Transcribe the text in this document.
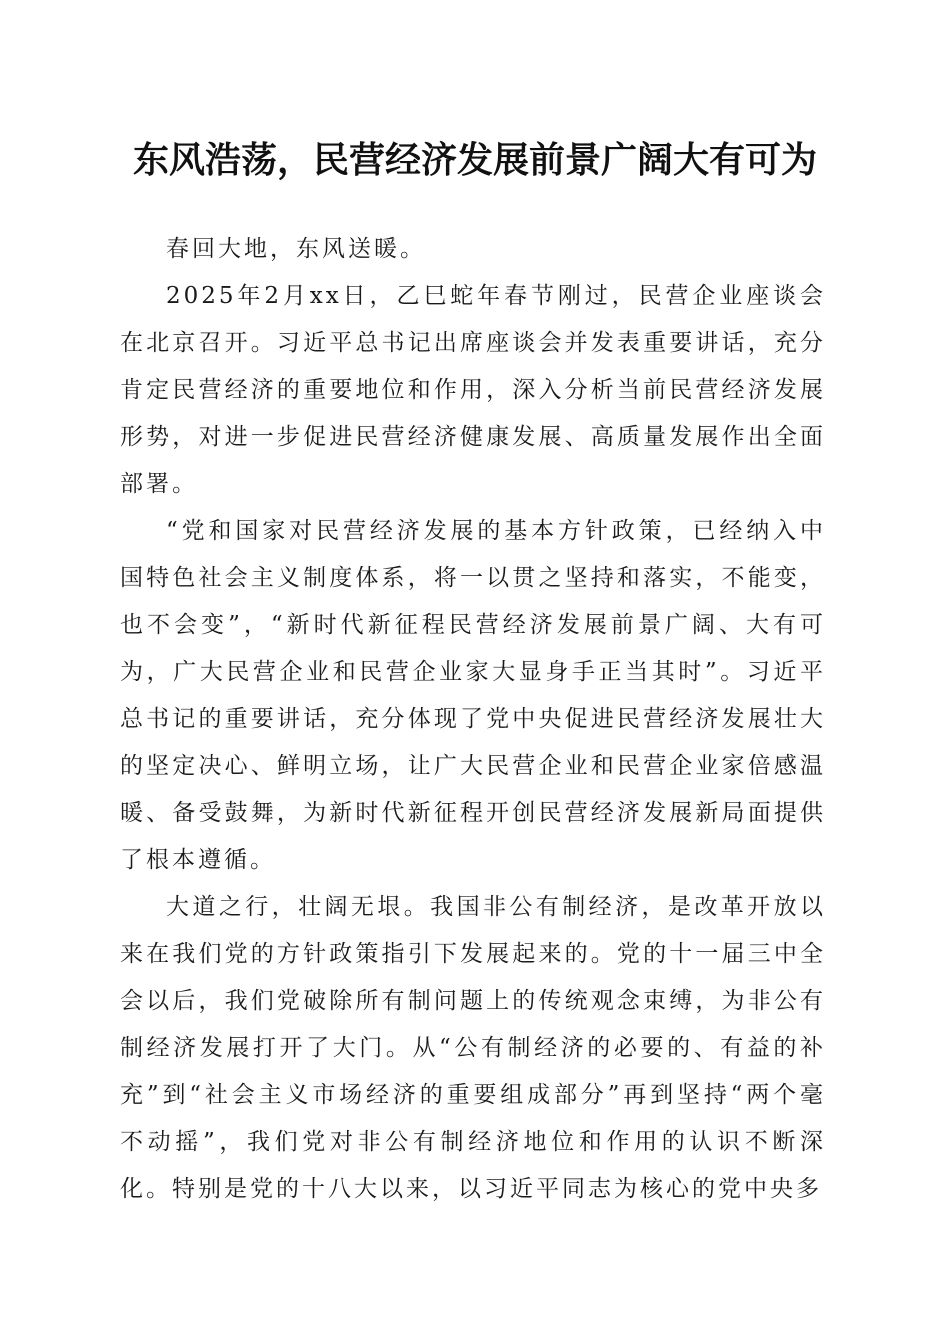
东风浩荡，民营经济发展前景广阔大有可为

春回大地，东风送暖。

2025年2月xx日，乙巳蛇年春节刚过，民营企业座谈会在北京召开。习近平总书记出席座谈会并发表重要讲话，充分肯定民营经济的重要地位和作用，深入分析当前民营经济发展形势，对进一步促进民营经济健康发展、高质量发展作出全面部署。

“党和国家对民营经济发展的基本方针政策，已经纳入中国特色社会主义制度体系，将一以贯之坚持和落实，不能变，也不会变”，“新时代新征程民营经济发展前景广阔、大有可为，广大民营企业和民营企业家大显身手正当其时”。习近平总书记的重要讲话，充分体现了党中央促进民营经济发展壮大的坚定决心、鲜明立场，让广大民营企业和民营企业家倍感温暖、备受鼓舞，为新时代新征程开创民营经济发展新局面提供了根本遵循。

大道之行，壮阔无垠。我国非公有制经济，是改革开放以来在我们党的方针政策指引下发展起来的。党的十一届三中全会以后，我们党破除所有制问题上的传统观念束缚，为非公有制经济发展打开了大门。从“公有制经济的必要的、有益的补充”到“社会主义市场经济的重要组成部分”再到坚持“两个毫不动摇”，我们党对非公有制经济地位和作用的认识不断深化。特别是党的十八大以来，以习近平同志为核心的党中央多
